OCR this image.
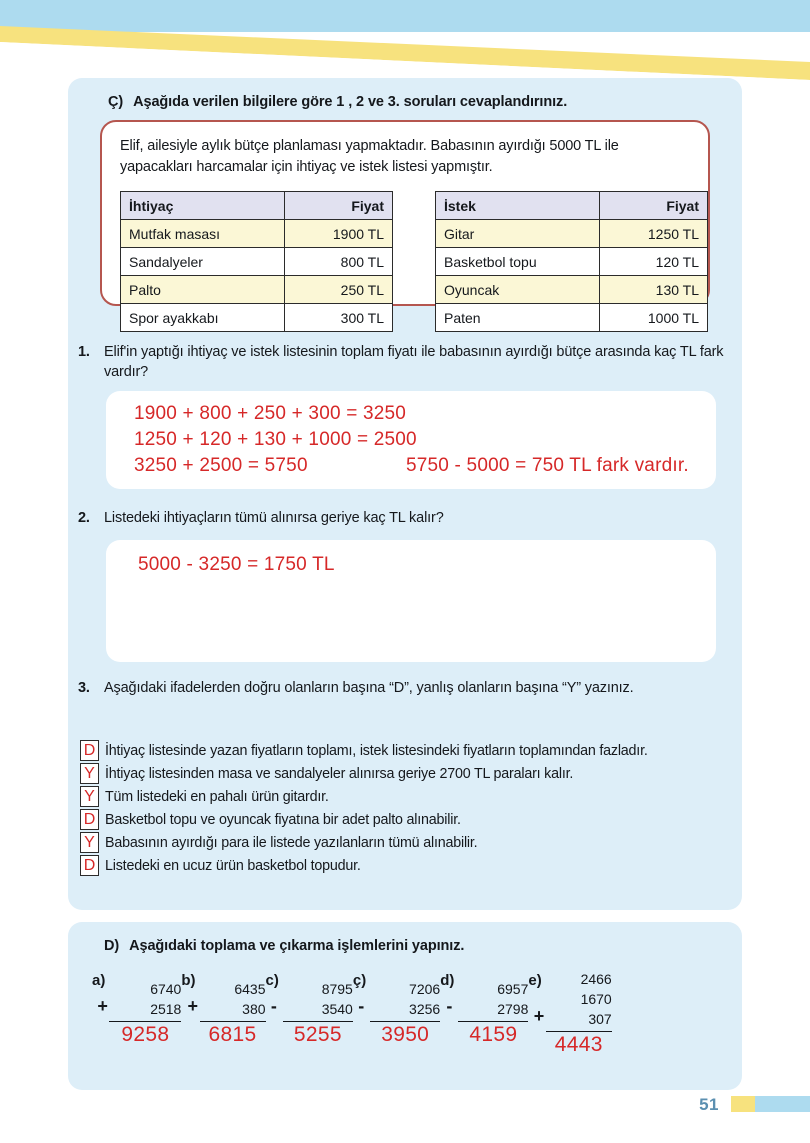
Ç) Aşağıda verilen bilgilere göre 1 , 2 ve 3. soruları cevaplandırınız.
Elif, ailesiyle aylık bütçe planlaması yapmaktadır. Babasının ayırdığı 5000 TL ile yapacakları harcamalar için ihtiyaç ve istek listesi yapmıştır.
İhtiyaç	Fiyat
Mutfak masası	1900 TL
Sandalyeler	800 TL
Palto	250 TL
Spor ayakkabı	300 TL
İstek	Fiyat
Gitar	1250 TL
Basketbol topu	120 TL
Oyuncak	130 TL
Paten	1000 TL
1. Elif'in yaptığı ihtiyaç ve istek listesinin toplam fiyatı ile babasının ayırdığı bütçe arasında kaç TL fark vardır?
1900 + 800 + 250 + 300 = 3250
1250 + 120 + 130 + 1000 = 2500
3250 + 2500 = 5750	5750 - 5000 = 750 TL fark vardır.
2. Listedeki ihtiyaçların tümü alınırsa geriye kaç TL kalır?
5000 - 3250 = 1750 TL
3. Aşağıdaki ifadelerden doğru olanların başına “D”, yanlış olanların başına “Y” yazınız.
D İhtiyaç listesinde yazan fiyatların toplamı, istek listesindeki fiyatların toplamından fazladır.
Y İhtiyaç listesinden masa ve sandalyeler alınırsa geriye 2700 TL paraları kalır.
Y Tüm listedeki en pahalı ürün gitardır.
D Basketbol topu ve oyuncak fiyatına bir adet palto alınabilir.
Y Babasının ayırdığı para ile listede yazılanların tümü alınabilir.
D Listedeki en ucuz ürün basketbol topudur.
D) Aşağıdaki toplama ve çıkarma işlemlerini yapınız.
a)
+
6740
2518
9258
b)
+
6435
380
6815
c)
-
8795
3540
5255
ç)
-
7206
3256
3950
d)
-
6957
2798
4159
e)
+
2466
1670
307
4443
51
